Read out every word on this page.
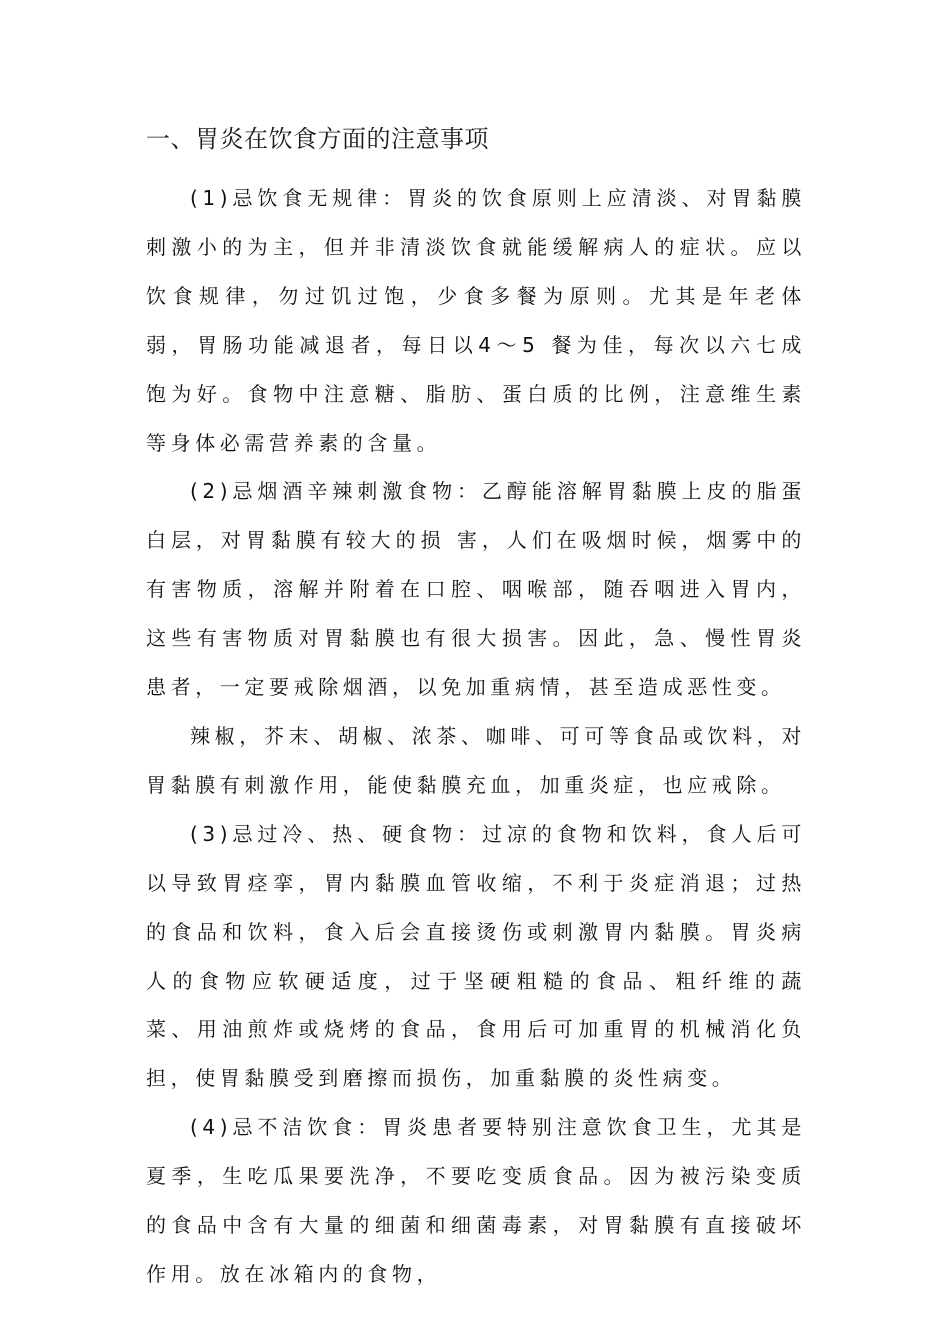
一、胃炎在饮食方面的注意事项

(1)忌饮食无规律：胃炎的饮食原则上应清淡、对胃黏膜刺激小的为主，但并非清淡饮食就能缓解病人的症状。应以饮食规律，勿过饥过饱，少食多餐为原则。尤其是年老体弱，胃肠功能减退者，每日以4～5 餐为佳，每次以六七成饱为好。食物中注意糖、脂肪、蛋白质的比例，注意维生素等身体必需营养素的含量。

(2)忌烟酒辛辣刺激食物：乙醇能溶解胃黏膜上皮的脂蛋白层，对胃黏膜有较大的损 害，人们在吸烟时候，烟雾中的有害物质，溶解并附着在口腔、咽喉部，随吞咽进入胃内，这些有害物质对胃黏膜也有很大损害。因此，急、慢性胃炎患者，一定要戒除烟酒，以免加重病情，甚至造成恶性变。

辣椒，芥末、胡椒、浓茶、咖啡、可可等食品或饮料，对胃黏膜有刺激作用，能使黏膜充血，加重炎症，也应戒除。

(3)忌过冷、热、硬食物：过凉的食物和饮料，食人后可以导致胃痉挛，胃内黏膜血管收缩，不利于炎症消退；过热的食品和饮料，食入后会直接烫伤或刺激胃内黏膜。胃炎病人的食物应软硬适度，过于坚硬粗糙的食品、粗纤维的蔬菜、用油煎炸或烧烤的食品，食用后可加重胃的机械消化负担，使胃黏膜受到磨擦而损伤，加重黏膜的炎性病变。

(4)忌不洁饮食：胃炎患者要特别注意饮食卫生，尤其是夏季，生吃瓜果要洗净，不要吃变质食品。因为被污染变质的食品中含有大量的细菌和细菌毒素，对胃黏膜有直接破坏作用。放在冰箱内的食物，
